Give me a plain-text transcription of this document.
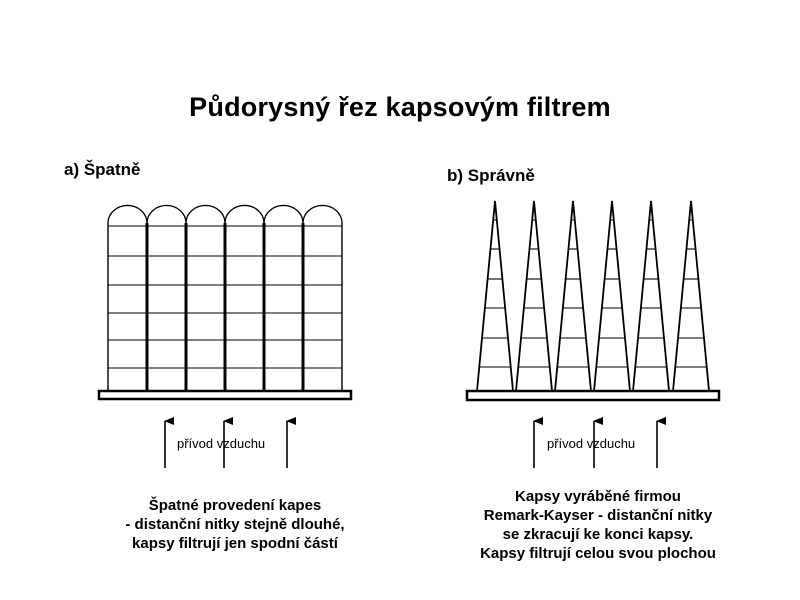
Půdorysný řez kapsovým filtrem
a) Špatně	b) Správně
přívod vzduchu	přívod vzduchu
Špatné provedení kapes
- distanční nitky stejně dlouhé,
kapsy filtrují jen spodní částí
Kapsy vyráběné firmou
Remark-Kayser - distanční nitky
se zkracují ke konci kapsy.
Kapsy filtrují celou svou plochou
